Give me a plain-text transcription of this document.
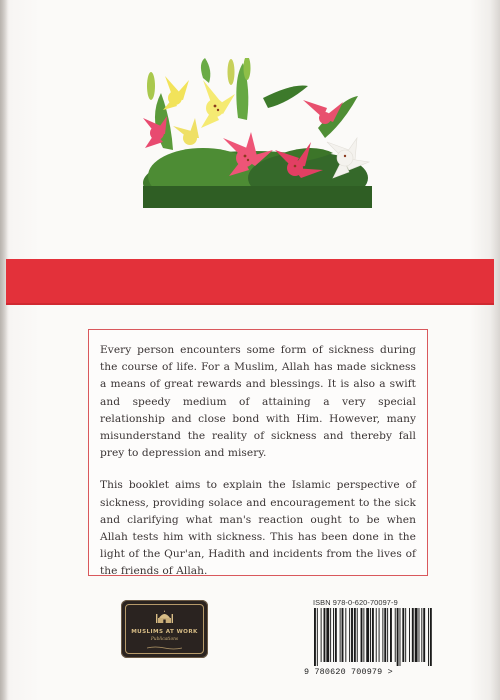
Every person encounters some form of sickness during the course of life. For a Muslim, Allah has made sickness a means of great rewards and blessings. It is also a swift and speedy medium of attaining a very special relationship and close bond with Him. However, many misunderstand the reality of sickness and thereby fall prey to depression and misery.

This booklet aims to explain the Islamic perspective of sickness, providing solace and encouragement to the sick and clarifying what man's reaction ought to be when Allah tests him with sickness. This has been done in the light of the Qur'an, Hadith and incidents from the lives of the friends of Allah.

MUSLIMS AT WORK
Publications
ISBN 978-0-620-70097-9
9 780620 700979 >
